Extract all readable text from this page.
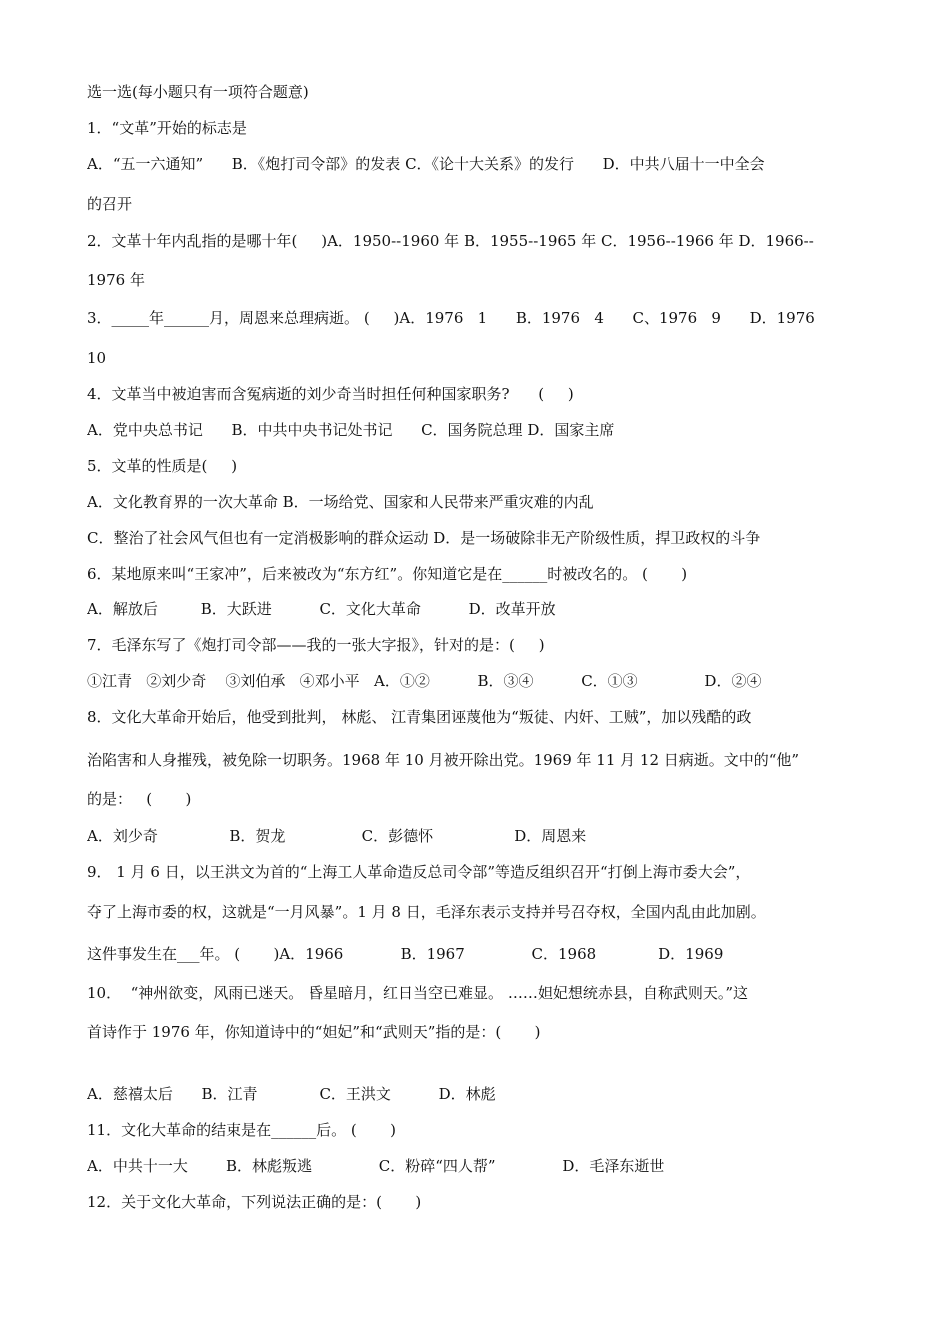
选一选(每小题只有一项符合题意)
1．“文革”开始的标志是
A．“五一六通知”      B．《炮打司令部》的发表 C．《论十大关系》的发行      D．中共八届十一中全会
的召开
2．文革十年内乱指的是哪十年(     )A．1950--1960 年 B．1955--1965 年 C．1956--1966 年 D．1966--
1976 年
3．_____年______月，周恩来总理病逝。 (     )A．1976   1      B．1976   4      C、1976   9      D．1976
10
4．文革当中被迫害而含冤病逝的刘少奇当时担任何种国家职务?      (     )
A．党中央总书记      B．中共中央书记处书记      C．国务院总理 D．国家主席
5．文革的性质是(     )
A．文化教育界的一次大革命 B．一场给党、国家和人民带来严重灾难的内乱
C．整治了社会风气但也有一定消极影响的群众运动 D．是一场破除非无产阶级性质，捍卫政权的斗争
6．某地原来叫“王家冲”，后来被改为“东方红”。你知道它是在______时被改名的。 (       )
A．解放后         B．大跃进          C．文化大革命          D．改革开放
7．毛泽东写了《炮打司令部——我的一张大字报》，针对的是：(     )
①江青   ②刘少奇    ③刘伯承   ④邓小平   A．①②          B．③④          C．①③              D．②④
8．文化大革命开始后，他受到批判， 林彪、 江青集团诬蔑他为“叛徒、内奸、工贼”，加以残酷的政
治陷害和人身摧残，被免除一切职务。1968 年 10 月被开除出党。1969 年 11 月 12 日病逝。文中的“他”
的是：   (       )
A．刘少奇               B．贺龙                C．彭德怀                 D．周恩来
9． 1 月 6 日，以王洪文为首的“上海工人革命造反总司令部”等造反组织召开“打倒上海市委大会”，
夺了上海市委的权，这就是“一月风暴”。1 月 8 日，毛泽东表示支持并号召夺权，全国内乱由此加剧。
这件事发生在___年。 (       )A．1966            B．1967              C．1968             D．1969
10．  “神州欲变，风雨已迷天。 昏星暗月，红日当空已难显。 ……妲妃想统赤县，自称武则天。”这
首诗作于 1976 年，你知道诗中的“妲妃”和“武则天”指的是：(       )
A．慈禧太后      B．江青             C．王洪文          D．林彪
11．文化大革命的结束是在______后。 (       )
A．中共十一大        B．林彪叛逃              C．粉碎“四人帮”              D．毛泽东逝世
12．关于文化大革命，下列说法正确的是：(       )
